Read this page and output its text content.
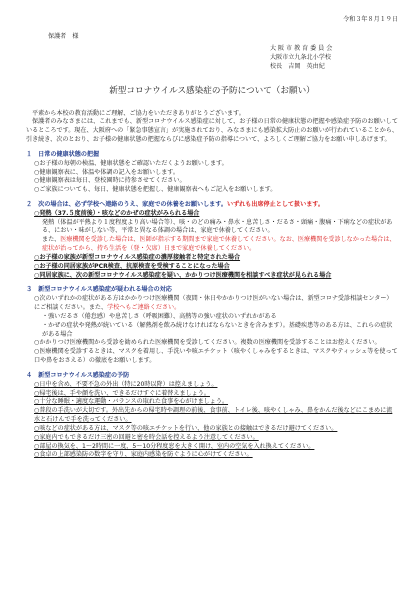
令和３年８月１９日
保護者　様
大 阪 市 教 育 委 員 会
大阪市立九条北小学校
校長　吉岡　英由紀
新型コロナウイルス感染症の予防について（お願い）
平素から本校の教育活動にご理解、ご協力をいただきありがとうございます。
保護者のみなさまには、これまでも、新型コロナウイルス感染症に対して、お子様の日常の健康状態の把握や感染症予防のお願いしているところです。現在、大阪府への「緊急事態宣言」が実施されており、みなさまにも感染拡大防止のお願いが行われていることから、引き続き、次のとおり、お子様の健康状態の把握ならびに感染症予防の指導について、よろしくご理解ご協力をお願い申しあげます。
１　日常の健康状態の把握
○お子様の毎朝の検温、健康状態をご確認いただくようお願いします。
○健康観察表に、体温や体調の記入をお願いします。
○健康観察表は毎日、登校園時に持参させてください。
○ご家族についても、毎日、健康状態を把握し、健康観察表へもご記入をお願いします。
２　次の場合は、必ず学校へ連絡のうえ、家庭での休養をお願いします。いずれも出席停止として扱います。
○発熱（37.５度前後）・咳などのかぜの症状がみられる場合
発熱（体温が平熱より１度程度より高い場合等）、咳・のどの痛み・鼻水・息苦しさ・だるさ・頭痛・腹痛・下痢などの症状がある、におい・味がしない等、平常と異なる体調の場合は、家庭で休養してください。
また、医療機関を受診した場合は、医師が指示する期間まで家庭で休養してください。なお、医療機関を受診しなかった場合は、症状が治ってから、持ち生活を（登・欠席）日まで家庭で休養してください。
○お子様の家族が新型コロナウイルス感染症の濃厚接触者と特定された場合
○お子様の同居家族がPCR検査、抗原検査を受検することになった場合
○同居家族に、次の新型コロナウイルス感染症を疑い、かかりつけ医療機関を相談すべき症状が見られる場合
３　新型コロナウイルス感染症が疑われる場合の対応
○次のいずれかの症状がある方はかかりつけ医療機関（夜間・休日やかかりつけ医がいない場合は、新型コロナ受診相談センター）にご相談ください。また、学校へもご連絡ください。
・強いだるさ（倦怠感）や息苦しさ（呼吸困難）、高熱等の強い症状のいずれかがある
・かぜの症状や発熱が続いている（解熱剤を飲み続けなければならないときを含みます）。基礎疾患等のある方は、これらの症状がある場合
○かかりつけ医療機関から受診を勧められた医療機関を受診してください。複数の医療機関を受診することはお控えください。
○医療機関を受診するときは、マスクを着用し、手洗いや咳エチケット（咳やくしゃみをするときは、マスクやティッシュ等を使って口や鼻をおさえる）の徹底をお願いします。
４　新型コロナウイルス感染症の予防
○日中を含め、不要不急の外出（特に20時以降）は控えましょう。
○帰宅後は、手や顔を洗い、できるだけすぐに着替えましょう。
○十分な睡眠・適度な運動・バランスの取れた食事を心がけましょう。
○普段の手洗いが大切です。外出先からの帰宅時や調理の前後、食事前、トイレ後、咳やくしゃみ、鼻をかんだ後などにこまめに流水と石けんで手を洗ってください。
○咳などの症状がある方は、マスク等の咳エチケットを行い、他の家族との接触はできるだけ避けてください。
○家庭内でもできるだけ三密の回避と密を時会話を控えるよう注意してください。
○部屋の換気を、1～2時間に一度、5～10分程度窓を大きく開け、室内の空気を入れ換えてください。
○食卓の上部感染防の数字を守り、家庭内感染を防ぐように心がけてください。
